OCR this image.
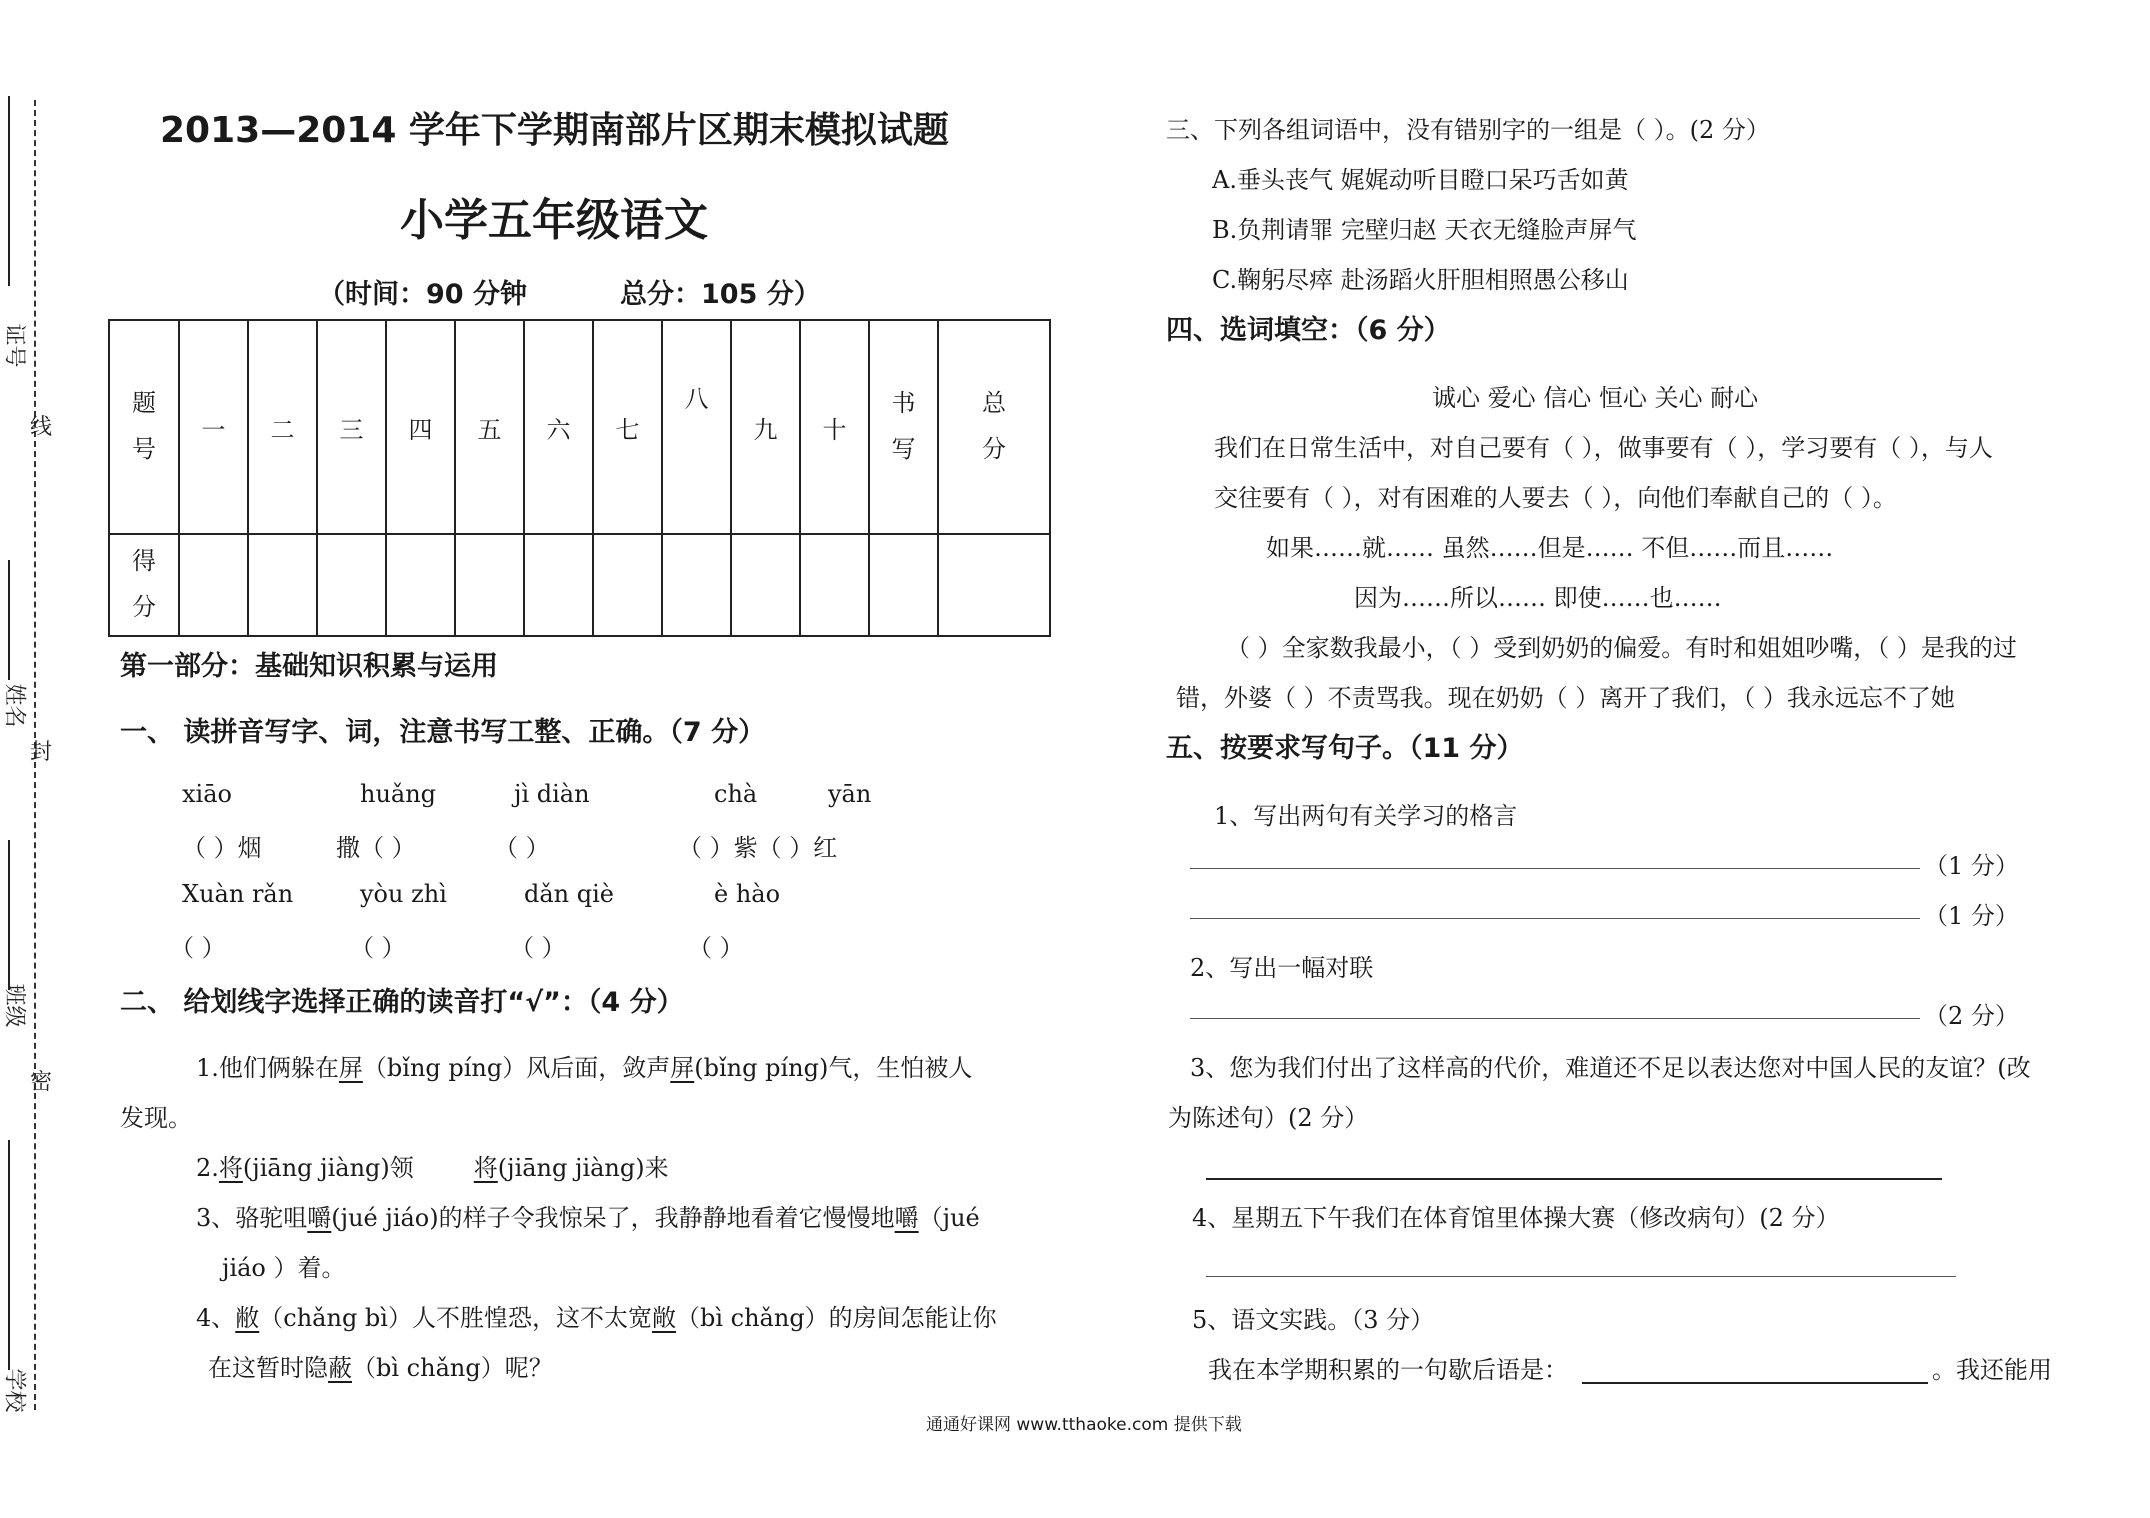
证号
线
姓名
封
班级
密
学校
2013—2014 学年下学期南部片区期末模拟试题
小学五年级语文
（时间：90 分钟	总分：105 分）
题号	一	二	三	四	五	六	七	八	九	十	书写	总分
得分												
第一部分：基础知识积累与运用
一、 读拼音写字、词，注意书写工整、正确。（7 分）
xiāo	huǎng	jì diàn	chà	yān
（ ）烟	撒（ ）	（ ）	（ ）紫（ ）红
Xuàn rǎn	yòu zhì	dǎn qiè	è hào
（ ）	（ ）	（ ）	（ ）
二、 给划线字选择正确的读音打“√”：（4 分）
1.他们俩躲在屏（bǐng píng）风后面，敛声屏(bǐng píng)气，生怕被人
发现。
2.将(jiāng jiàng)领	将(jiāng jiàng)来
3、骆驼咀嚼(jué jiáo)的样子令我惊呆了，我静静地看着它慢慢地嚼（jué
jiáo ）着。
4、敝（chǎng bì）人不胜惶恐，这不太宽敞（bì chǎng）的房间怎能让你
在这暂时隐蔽（bì chǎng）呢？
三、下列各组词语中，没有错别字的一组是（ ）。(2 分）
A.垂头丧气 娓娓动听目瞪口呆巧舌如黄
B.负荆请罪 完壁归赵 天衣无缝脸声屏气
C.鞠躬尽瘁 赴汤蹈火肝胆相照愚公移山
四、选词填空：（6 分）
诚心 爱心 信心 恒心 关心 耐心
我们在日常生活中，对自己要有（ ），做事要有（ ），学习要有（ ），与人
交往要有（ ），对有困难的人要去（ ），向他们奉献自己的（ ）。
如果……就…… 虽然……但是…… 不但……而且……
因为……所以…… 即使……也……
（ ）全家数我最小，（ ）受到奶奶的偏爱。有时和姐姐吵嘴，（ ）是我的过
错，外婆（ ）不责骂我。现在奶奶（ ）离开了我们，（ ）我永远忘不了她
五、按要求写句子。（11 分）
1、写出两句有关学习的格言
（1 分）
（1 分）
2、写出一幅对联
（2 分）
3、您为我们付出了这样高的代价，难道还不足以表达您对中国人民的友谊？(改
为陈述句）(2 分）
4、星期五下午我们在体育馆里体操大赛（修改病句）(2 分）
5、语文实践。（3 分）
我在本学期积累的一句歇后语是：	。我还能用
通通好课网 www.tthaoke.com 提供下载
